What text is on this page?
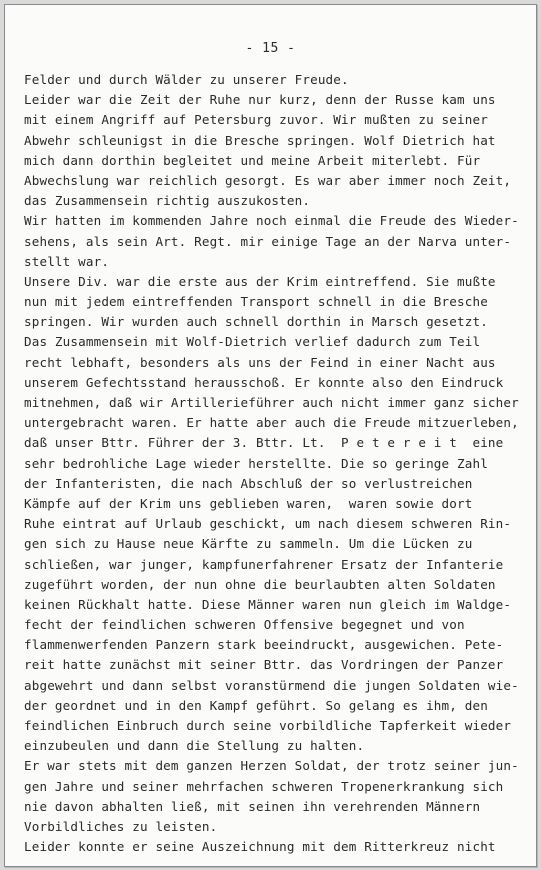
- 15 -
Felder und durch Wälder zu unserer Freude.
Leider war die Zeit der Ruhe nur kurz, denn der Russe kam uns
mit einem Angriff auf Petersburg zuvor. Wir mußten zu seiner
Abwehr schleunigst in die Bresche springen. Wolf Dietrich hat
mich dann dorthin begleitet und meine Arbeit miterlebt. Für
Abwechslung war reichlich gesorgt. Es war aber immer noch Zeit,
das Zusammensein richtig auszukosten.
Wir hatten im kommenden Jahre noch einmal die Freude des Wieder-
sehens, als sein Art. Regt. mir einige Tage an der Narva unter-
stellt war.
Unsere Div. war die erste aus der Krim eintreffend. Sie mußte
nun mit jedem eintreffenden Transport schnell in die Bresche
springen. Wir wurden auch schnell dorthin in Marsch gesetzt.
Das Zusammensein mit Wolf-Dietrich verlief dadurch zum Teil
recht lebhaft, besonders als uns der Feind in einer Nacht aus
unserem Gefechtsstand herausschoß. Er konnte also den Eindruck
mitnehmen, daß wir Artillerieführer auch nicht immer ganz sicher
untergebracht waren. Er hatte aber auch die Freude mitzuerleben,
daß unser Bttr. Führer der 3. Bttr. Lt.  P e t e r e i t  eine
sehr bedrohliche Lage wieder herstellte. Die so geringe Zahl
der Infanteristen, die nach Abschluß der so verlustreichen
Kämpfe auf der Krim uns geblieben waren,  waren sowie dort
Ruhe eintrat auf Urlaub geschickt, um nach diesem schweren Rin-
gen sich zu Hause neue Kärfte zu sammeln. Um die Lücken zu
schließen, war junger, kampfunerfahrener Ersatz der Infanterie
zugeführt worden, der nun ohne die beurlaubten alten Soldaten
keinen Rückhalt hatte. Diese Männer waren nun gleich im Waldge-
fecht der feindlichen schweren Offensive begegnet und von
flammenwerfenden Panzern stark beeindruckt, ausgewichen. Pete-
reit hatte zunächst mit seiner Bttr. das Vordringen der Panzer
abgewehrt und dann selbst voranstürmend die jungen Soldaten wie-
der geordnet und in den Kampf geführt. So gelang es ihm, den
feindlichen Einbruch durch seine vorbildliche Tapferkeit wieder
einzubeulen und dann die Stellung zu halten.
Er war stets mit dem ganzen Herzen Soldat, der trotz seiner jun-
gen Jahre und seiner mehrfachen schweren Tropenerkrankung sich
nie davon abhalten ließ, mit seinen ihn verehrenden Männern
Vorbildliches zu leisten.
Leider konnte er seine Auszeichnung mit dem Ritterkreuz nicht
